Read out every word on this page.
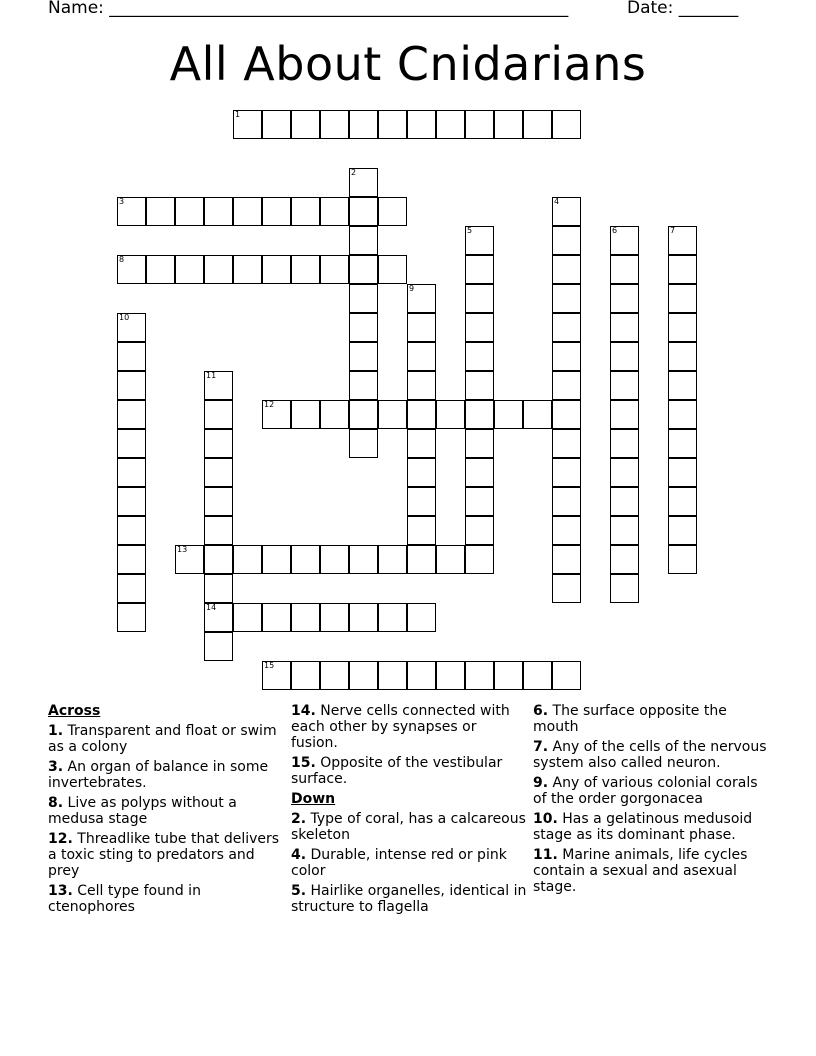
Name: ______________________________________________________	Date: _______
All About Cnidarians
1
2
3	4
5	6	7
8
9
10
11
14
12
13
15
Across
1. Transparent and float or swim as a colony
3. An organ of balance in some invertebrates.
8. Live as polyps without a medusa stage
12. Threadlike tube that delivers a toxic sting to predators and prey
13. Cell type found in ctenophores
14. Nerve cells connected with each other by synapses or fusion.
15. Opposite of the vestibular surface.
Down
2. Type of coral, has a calcareous skeleton
4. Durable, intense red or pink color
5. Hairlike organelles, identical in structure to flagella
6. The surface opposite the mouth
7. Any of the cells of the nervous system also called neuron.
9. Any of various colonial corals of the order gorgonacea
10. Has a gelatinous medusoid stage as its dominant phase.
11. Marine animals, life cycles contain a sexual and asexual stage.
